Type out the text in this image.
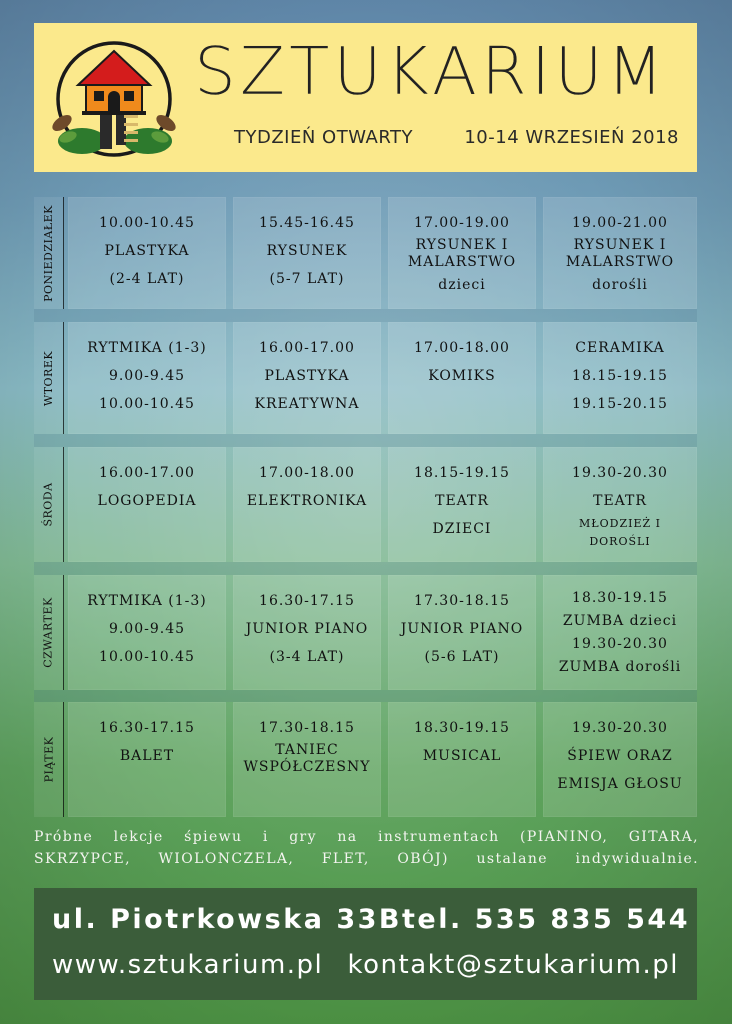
SZTUKARIUM
TYDZIEŃ OTWARTY	10-14 WRZESIEŃ 2018
PONIEDZIAŁEK	10.00-10.45
PLASTYKA
(2-4 LAT)
15.45-16.45
RYSUNEK
(5-7 LAT)
17.00-19.00
RYSUNEK I
MALARSTWO
dzieci
19.00-21.00
RYSUNEK I
MALARSTWO
dorośli
WTOREK
RYTMIKA (1-3)
9.00-9.45
10.00-10.45
16.00-17.00
PLASTYKA
KREATYWNA
17.00-18.00
KOMIKS
CERAMIKA
18.15-19.15
19.15-20.15
ŚRODA
16.00-17.00
LOGOPEDIA
17.00-18.00
ELEKTRONIKA
18.15-19.15
TEATR
DZIECI
19.30-20.30
TEATR
MŁODZIEŻ I
DOROŚLI
CZWARTEK RYTMIKA (1-3)
9.00-9.45
10.00-10.45
16.30-17.15
JUNIOR PIANO
(3-4 LAT)
17.30-18.15
JUNIOR PIANO
(5-6 LAT)
18.30-19.15
ZUMBA dzieci
19.30-20.30
ZUMBA dorośli
PIĄTEK
16.30-17.15
BALET
17.30-18.15
TANIEC
WSPÓŁCZESNY
18.30-19.15
MUSICAL
19.30-20.30
ŚPIEW ORAZ
EMISJA GŁOSU
Próbne lekcje śpiewu i gry na instrumentach (PIANINO, GITARA,
SKRZYPCE, WIOLONCZELA, FLET, OBÓJ) ustalane indywidualnie.
ul. Piotrkowska 33B tel. 535 835 544
www.sztukarium.pl kontakt@sztukarium.pl
